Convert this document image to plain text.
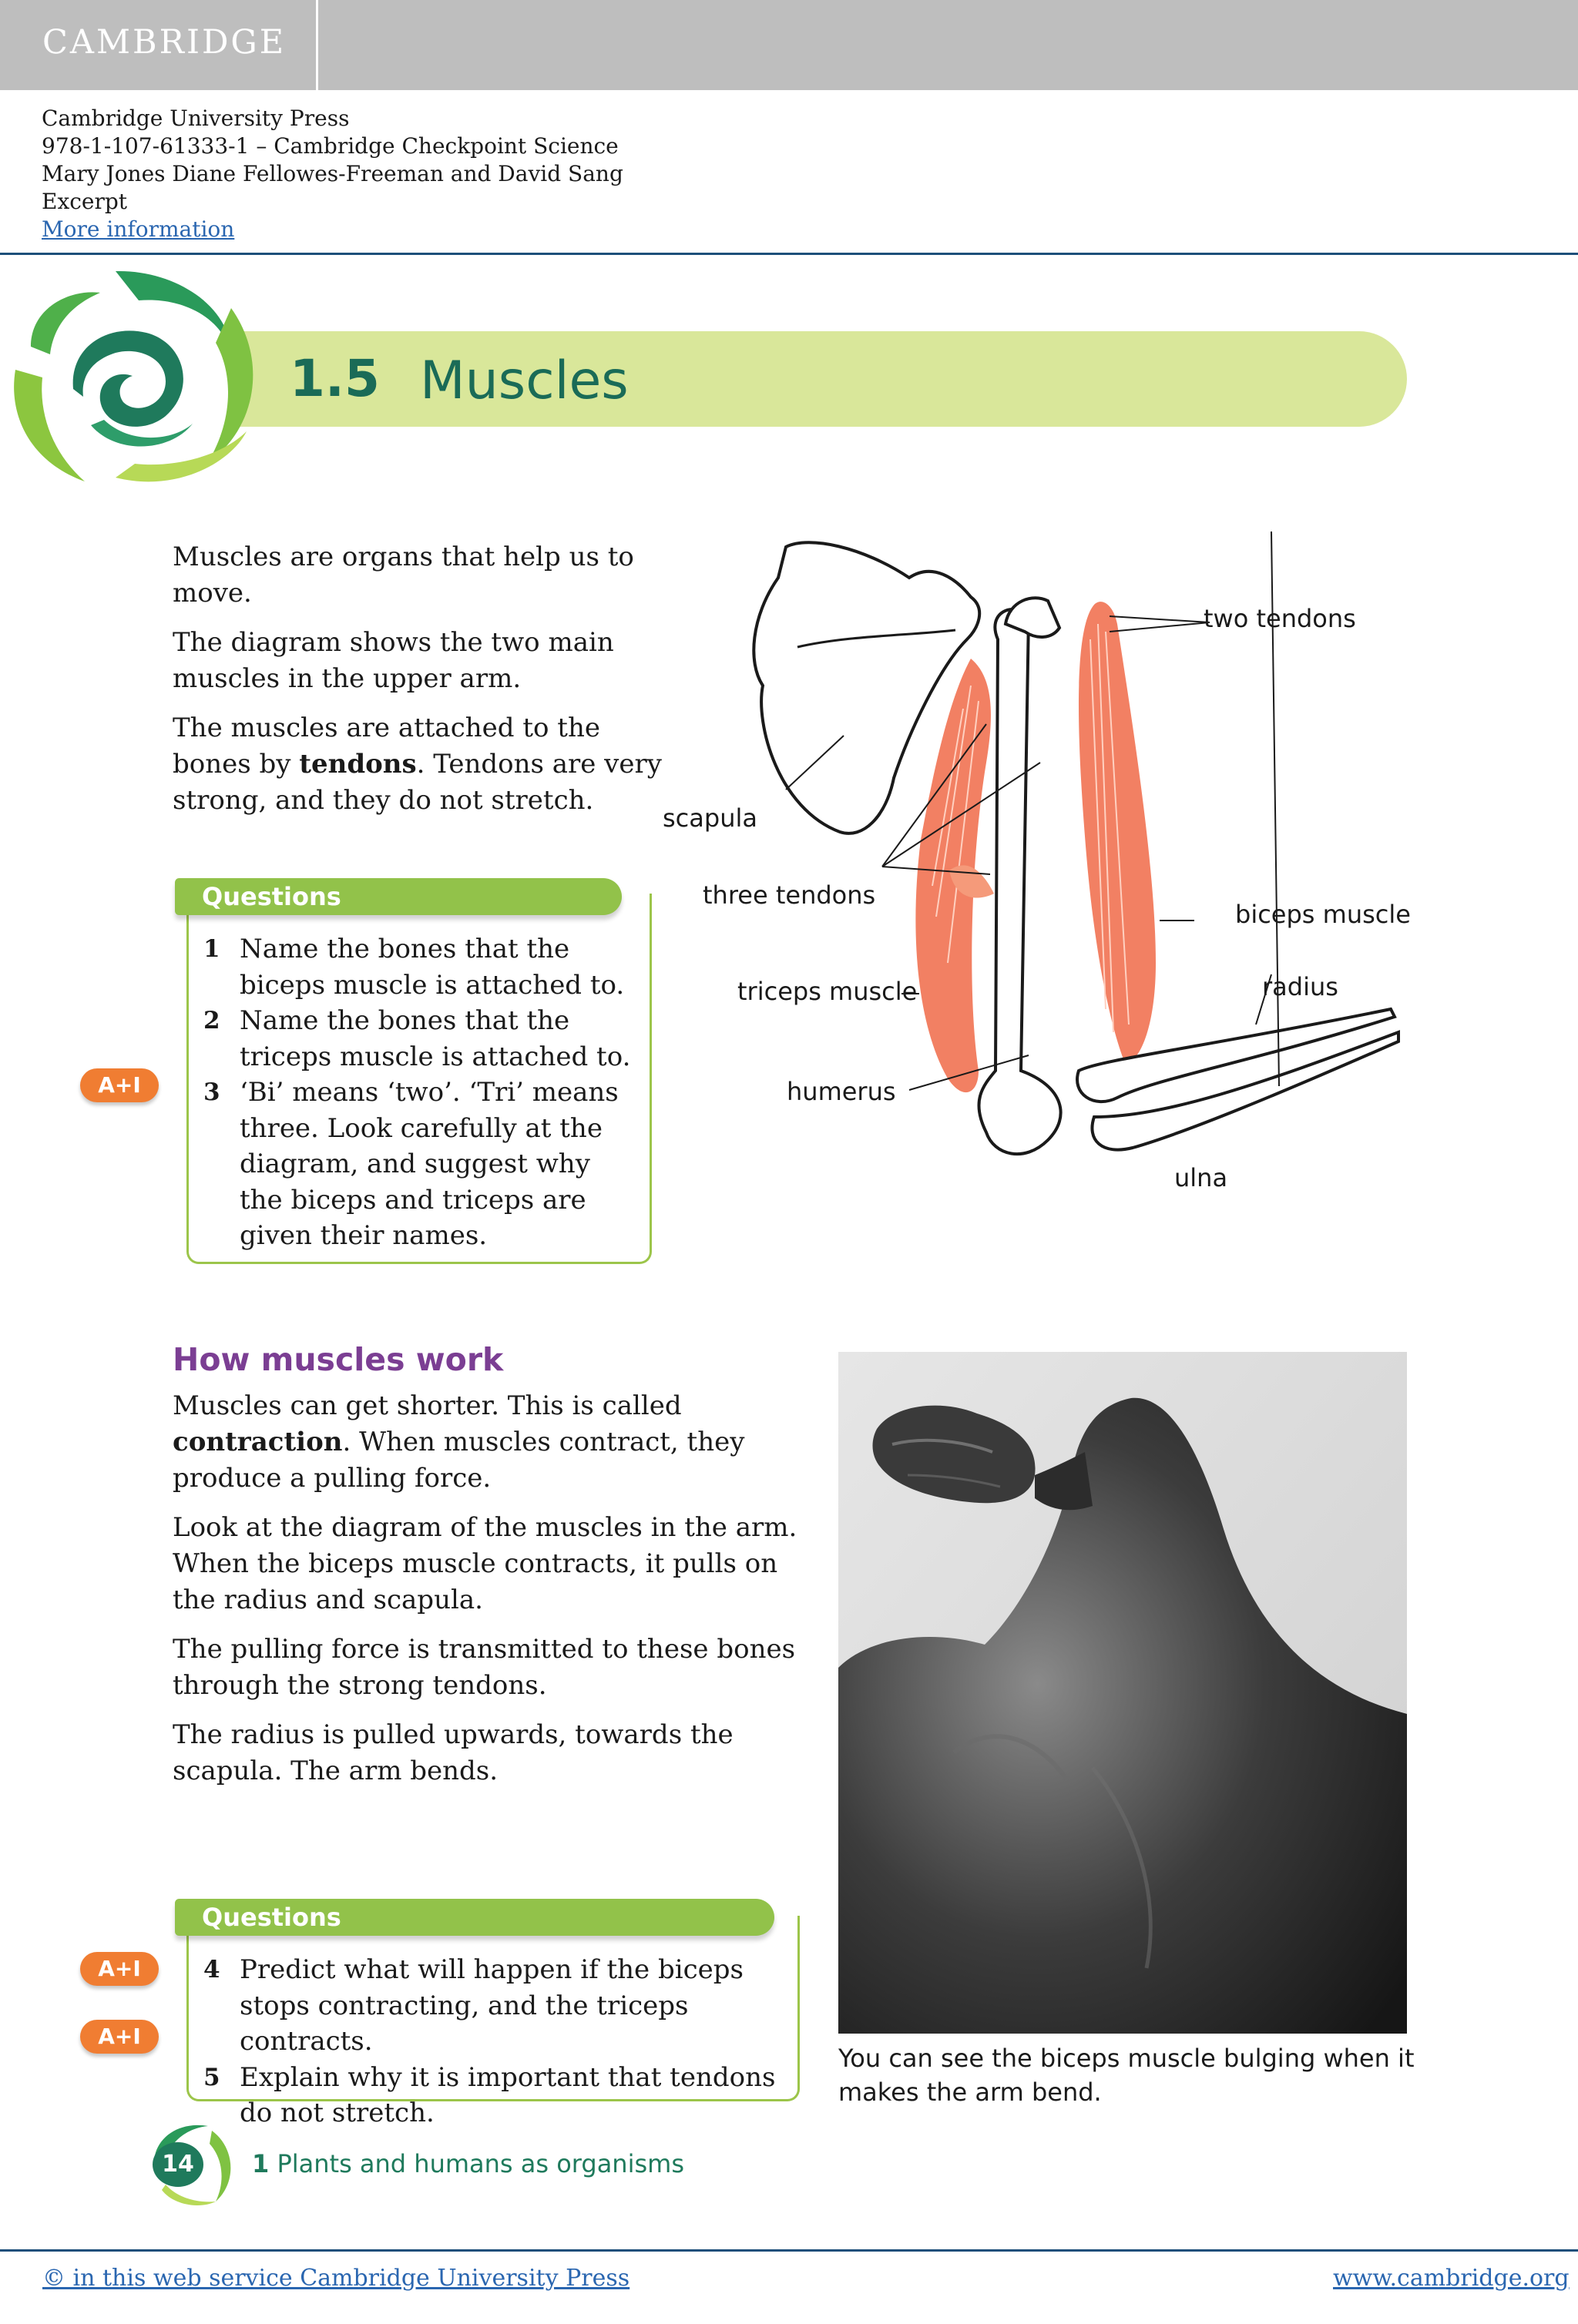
CAMBRIDGE
Cambridge University Press
978-1-107-61333-1 – Cambridge Checkpoint Science
Mary Jones Diane Fellowes-Freeman and David Sang
Excerpt
More information
1.5 Muscles

Muscles are organs that help us to move.

The diagram shows the two main muscles in the upper arm.

The muscles are attached to the bones by tendons. Tendons are very strong, and they do not stretch.

two tendons
scapula
three tendons
biceps muscle
radius
triceps muscle
humerus
ulna
Questions
A+I
1 Name the bones that the biceps muscle is attached to.
2 Name the bones that the triceps muscle is attached to.
3 ‘Bi’ means ‘two’. ‘Tri’ means three. Look carefully at the diagram, and suggest why the biceps and triceps are given their names.
How muscles work

Muscles can get shorter. This is called contraction. When muscles contract, they produce a pulling force.

Look at the diagram of the muscles in the arm. When the biceps muscle contracts, it pulls on the radius and scapula.

The pulling force is transmitted to these bones through the strong tendons.

The radius is pulled upwards, towards the scapula. The arm bends.

You can see the biceps muscle bulging when it makes the arm bend.
Questions
A+I
A+I
4 Predict what will happen if the biceps stops contracting, and the triceps contracts.
5 Explain why it is important that tendons do not stretch.
14	1 Plants and humans as organisms
© in this web service Cambridge University Press	www.cambridge.org
